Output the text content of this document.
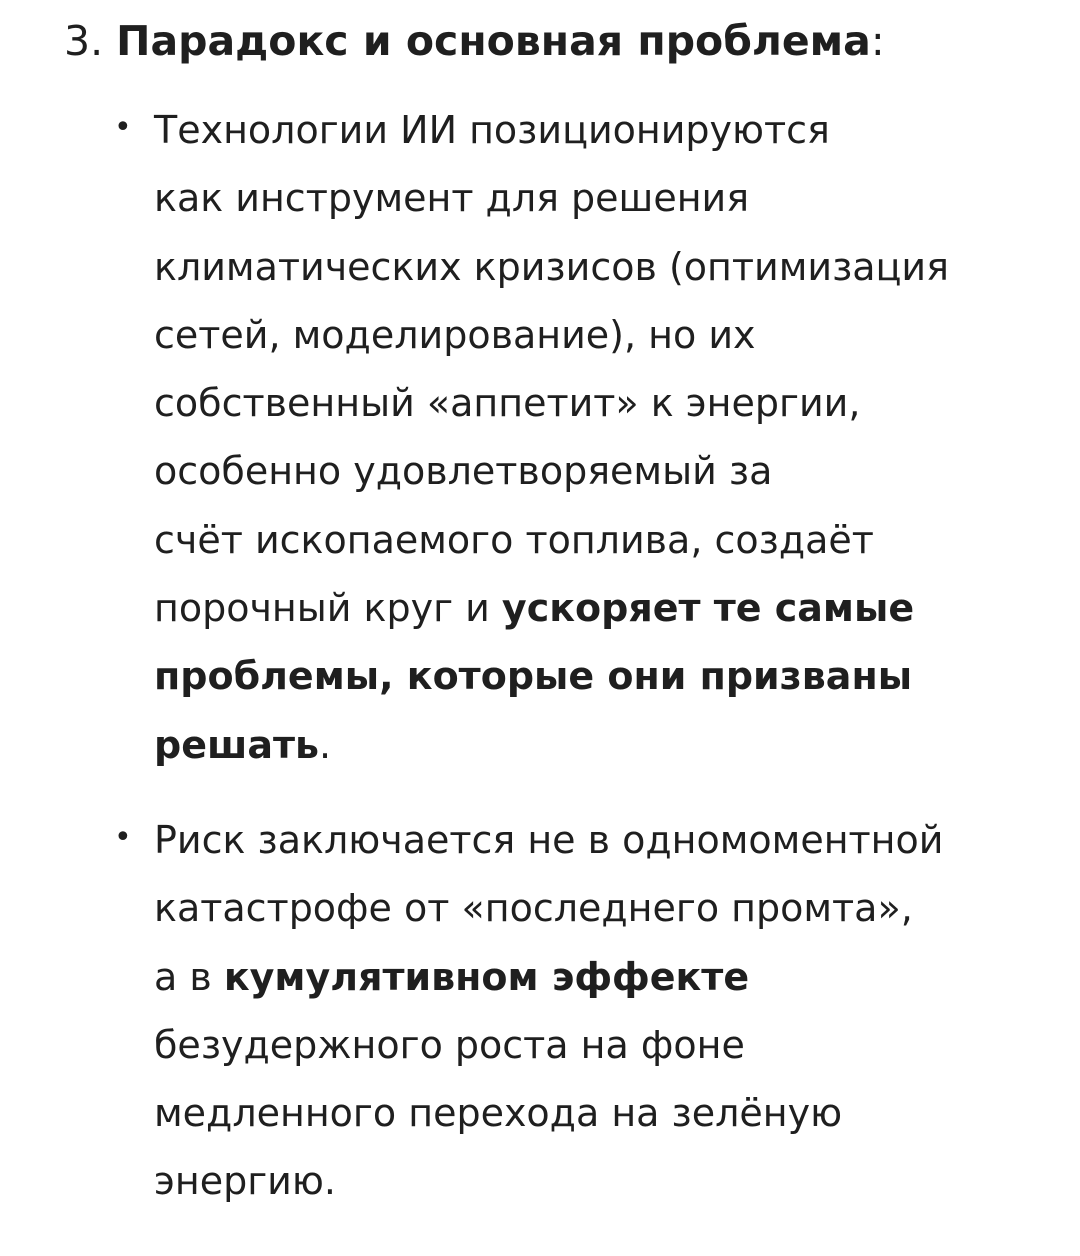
3. Парадокс и основная проблема:
• Технологии ИИ позиционируются
как инструмент для решения
климатических кризисов (оптимизация
сетей, моделирование), но их
собственный «аппетит» к энергии,
особенно удовлетворяемый за
счёт ископаемого топлива, создаёт
порочный круг и ускоряет те самые
проблемы, которые они призваны
решать.

• Риск заключается не в одномоментной
катастрофе от «последнего промта»,
а в кумулятивном эффекте
безудержного роста на фоне
медленного перехода на зелёную
энергию.
